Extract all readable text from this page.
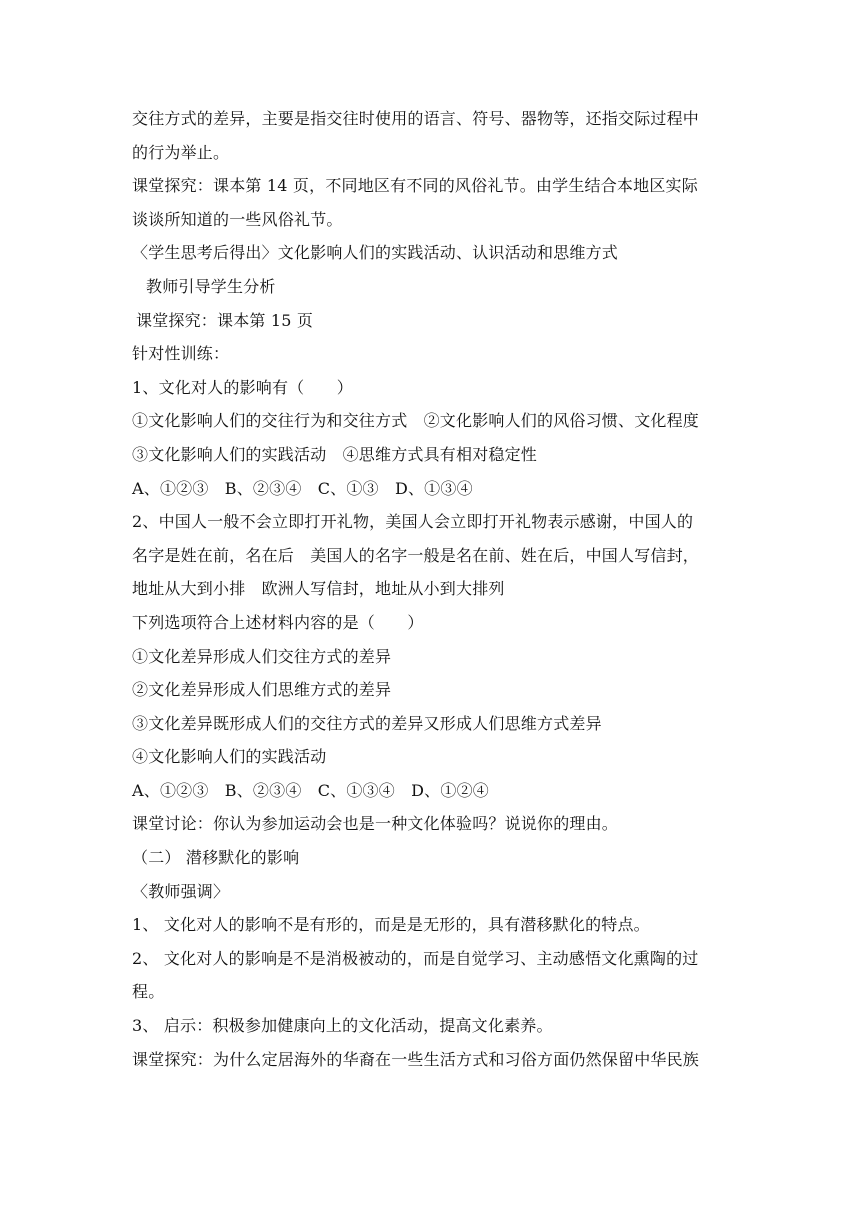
交往方式的差异，主要是指交往时使用的语言、符号、器物等，还指交际过程中
的行为举止。
课堂探究：课本第 14 页，不同地区有不同的风俗礼节。由学生结合本地区实际
谈谈所知道的一些风俗礼节。
〈学生思考后得出〉文化影响人们的实践活动、认识活动和思维方式
教师引导学生分析
课堂探究：课本第 15 页
针对性训练：
1、文化对人的影响有（　　）
①文化影响人们的交往行为和交往方式　②文化影响人们的风俗习惯、文化程度
③文化影响人们的实践活动　④思维方式具有相对稳定性
A、①②③　B、②③④　C、①③　D、①③④
2、中国人一般不会立即打开礼物，美国人会立即打开礼物表示感谢，中国人的
名字是姓在前，名在后　美国人的名字一般是名在前、姓在后，中国人写信封，
地址从大到小排　欧洲人写信封，地址从小到大排列
下列选项符合上述材料内容的是（　　）
①文化差异形成人们交往方式的差异
②文化差异形成人们思维方式的差异
③文化差异既形成人们的交往方式的差异又形成人们思维方式差异
④文化影响人们的实践活动
A、①②③　B、②③④　C、①③④　D、①②④
课堂讨论：你认为参加运动会也是一种文化体验吗？说说你的理由。
（二） 潜移默化的影响
〈教师强调〉
1、 文化对人的影响不是有形的，而是是无形的，具有潜移默化的特点。
2、 文化对人的影响是不是消极被动的，而是自觉学习、主动感悟文化熏陶的过
程。
3、 启示：积极参加健康向上的文化活动，提高文化素养。
课堂探究：为什么定居海外的华裔在一些生活方式和习俗方面仍然保留中华民族
